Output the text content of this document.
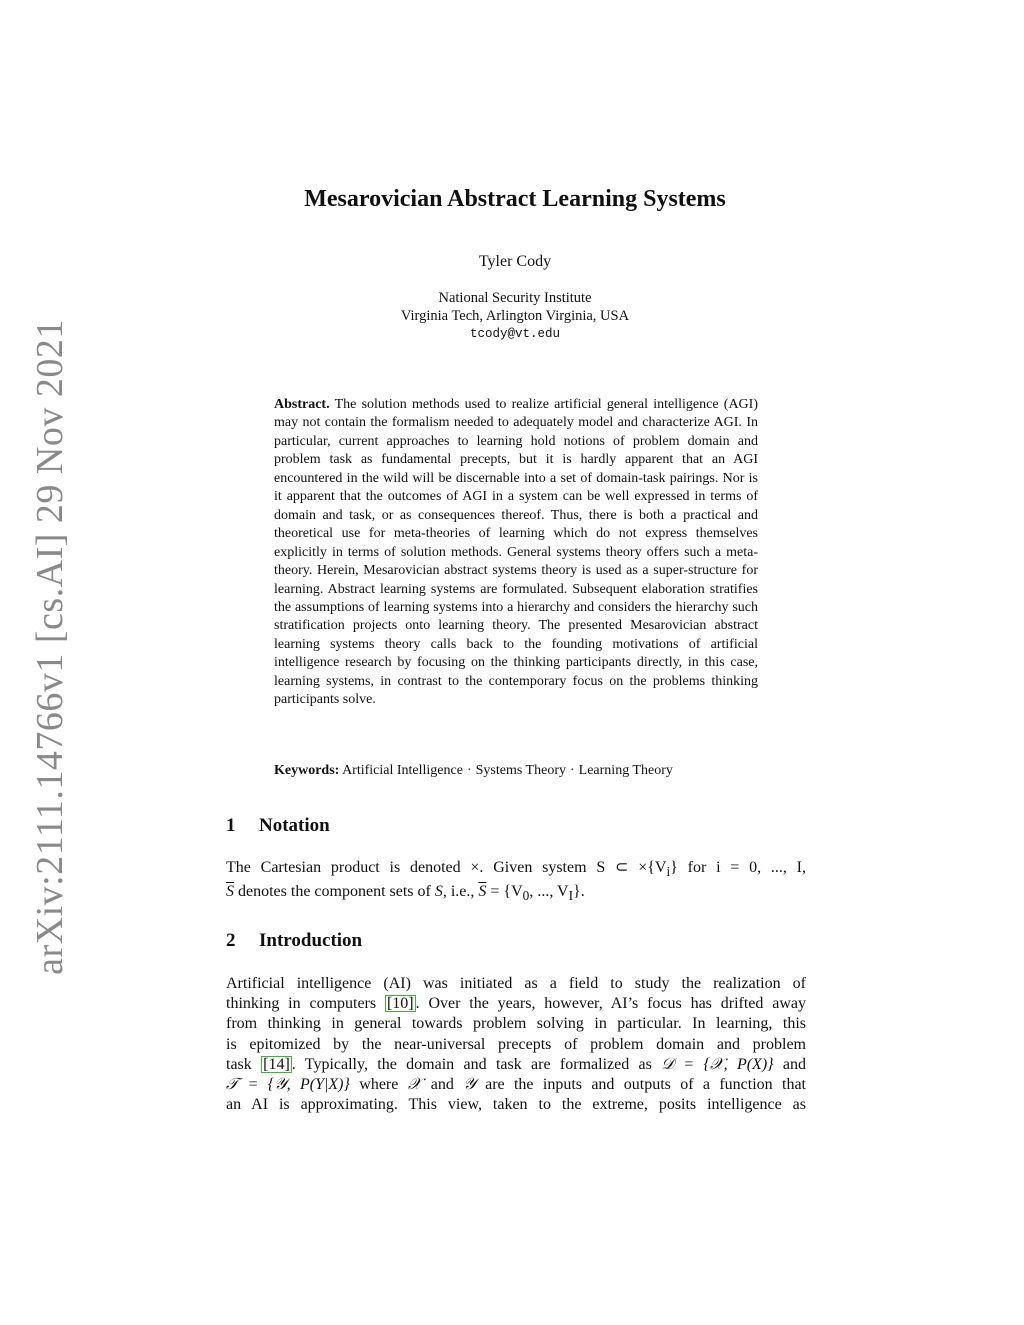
arXiv:2111.14766v1 [cs.AI] 29 Nov 2021
Mesarovician Abstract Learning Systems
Tyler Cody
National Security Institute
Virginia Tech, Arlington Virginia, USA
tcody@vt.edu
Abstract. The solution methods used to realize artificial general intelligence (AGI) may not contain the formalism needed to adequately model and characterize AGI. In particular, current approaches to learning hold notions of problem domain and problem task as fundamental precepts, but it is hardly apparent that an AGI encountered in the wild will be discernable into a set of domain-task pairings. Nor is it apparent that the outcomes of AGI in a system can be well expressed in terms of domain and task, or as consequences thereof. Thus, there is both a practical and theoretical use for meta-theories of learning which do not express themselves explicitly in terms of solution methods. General systems theory offers such a meta-theory. Herein, Mesarovician abstract systems theory is used as a super-structure for learning. Abstract learning systems are formulated. Subsequent elaboration stratifies the assumptions of learning systems into a hierarchy and considers the hierarchy such stratification projects onto learning theory. The presented Mesarovician abstract learning systems theory calls back to the founding motivations of artificial intelligence research by focusing on the thinking participants directly, in this case, learning systems, in contrast to the contemporary focus on the problems thinking participants solve.
Keywords: Artificial Intelligence · Systems Theory · Learning Theory
1 Notation
The Cartesian product is denoted ×. Given system S ⊂ $\times\{V_i\}$ for i = 0, ..., I,
$\overline{S}$ denotes the component sets of S, i.e., $\overline{S} = \{V_0$, ..., $V_I$}.
2 Introduction
Artificial intelligence (AI) was initiated as a field to study the realization of
thinking in computers [10] . Over the years, however, AI’s focus has drifted away
from thinking in general towards problem solving in particular. In learning, this
is epitomized by the near-universal precepts of problem domain and problem
task [14] . Typically, the domain and task are formalized as 𝒟 = {𝒳, P(X)} and
𝒯 = {𝒴, P(Y|X)} where 𝒳 and 𝒴 are the inputs and outputs of a function that
an AI is approximating. This view, taken to the extreme, posits intelligence as
